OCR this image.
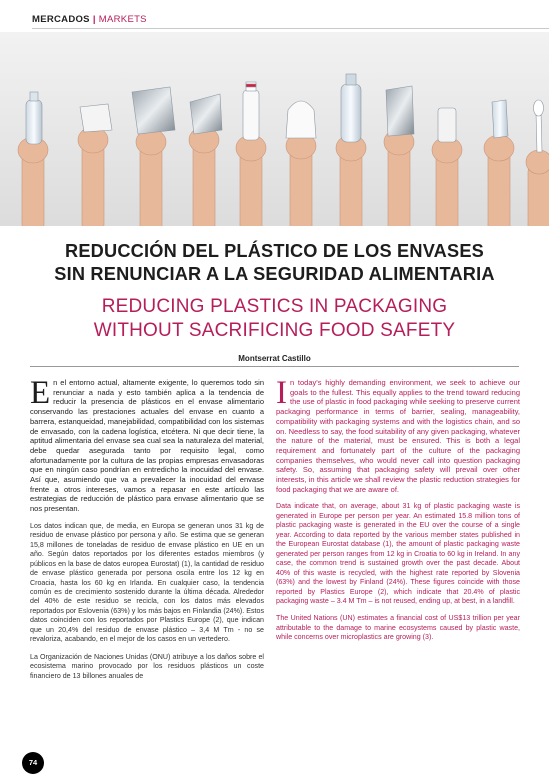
MERCADOS | MARKETS
REDUCCIÓN DEL PLÁSTICO DE LOS ENVASES
SIN RENUNCIAR A LA SEGURIDAD ALIMENTARIA
REDUCING PLASTICS IN PACKAGING
WITHOUT SACRIFICING FOOD SAFETY
Montserrat Castillo

En el entorno actual, altamente exigente, lo queremos todo sin renunciar a nada y esto también aplica a la tendencia de reducir la presencia de plásticos en el envase alimentario conservando las prestaciones actuales del envase en cuanto a barrera, estanqueidad, manejabilidad, compatibilidad con los sistemas de envasado, con la cadena logística, etcétera. Ni que decir tiene, la aptitud alimentaria del envase sea cual sea la naturaleza del material, debe quedar asegurada tanto por requisito legal, como afortunadamente por la cultura de las propias empresas envasadoras que en ningún caso pondrían en entredicho la inocuidad del envase. Así que, asumiendo que va a prevalecer la inocuidad del envase frente a otros intereses, vamos a repasar en este artículo las estrategias de reducción de plástico para envase alimentario que se nos presentan.

Los datos indican que, de media, en Europa se generan unos 31 kg de residuo de envase plástico por persona y año. Se estima que se generan 15,8 millones de toneladas de residuo de envase plástico en UE en un año. Según datos reportados por los diferentes estados miembros (y públicos en la base de datos europea Eurostat) (1), la cantidad de residuo de envase plástico generada por persona oscila entre los 12 kg en Croacia, hasta los 60 kg en Irlanda. En cualquier caso, la tendencia común es de crecimiento sostenido durante la última década. Alrededor del 40% de este residuo se recicla, con los datos más elevados reportados por Eslovenia (63%) y los más bajos en Finlandia (24%). Estos datos coinciden con los reportados por Plastics Europe (2), que indican que un 20,4% del residuo de envase plástico – 3,4 M Tm - no se revaloriza, acabando, en el mejor de los casos en un vertedero.

La Organización de Naciones Unidas (ONU) atribuye a los daños sobre el ecosistema marino provocado por los residuos plásticos un coste financiero de 13 billones anuales de

In today's highly demanding environment, we seek to achieve our goals to the fullest. This equally applies to the trend toward reducing the use of plastic in food packaging while seeking to preserve current packaging performance in terms of barrier, sealing, manageability, compatibility with packaging systems and with the logistics chain, and so on. Needless to say, the food suitability of any given packaging, whatever the nature of the material, must be ensured. This is both a legal requirement and fortunately part of the culture of the packaging companies themselves, who would never call into question packaging safety. So, assuming that packaging safety will prevail over other interests, in this article we shall review the plastic reduction strategies for food packaging that we are aware of.

Data indicate that, on average, about 31 kg of plastic packaging waste is generated in Europe per person per year. An estimated 15.8 million tons of plastic packaging waste is generated in the EU over the course of a single year. According to data reported by the various member states published in the European Eurostat database (1), the amount of plastic packaging waste generated per person ranges from 12 kg in Croatia to 60 kg in Ireland. In any case, the common trend is sustained growth over the past decade. About 40% of this waste is recycled, with the highest rate reported by Slovenia (63%) and the lowest by Finland (24%). These figures coincide with those reported by Plastics Europe (2), which indicate that 20.4% of plastic packaging waste – 3.4 M Tm – is not reused, ending up, at best, in a landfill.

The United Nations (UN) estimates a financial cost of US$13 trillion per year attributable to the damage to marine ecosystems caused by plastic waste, while concerns over microplastics are growing (3).

74
